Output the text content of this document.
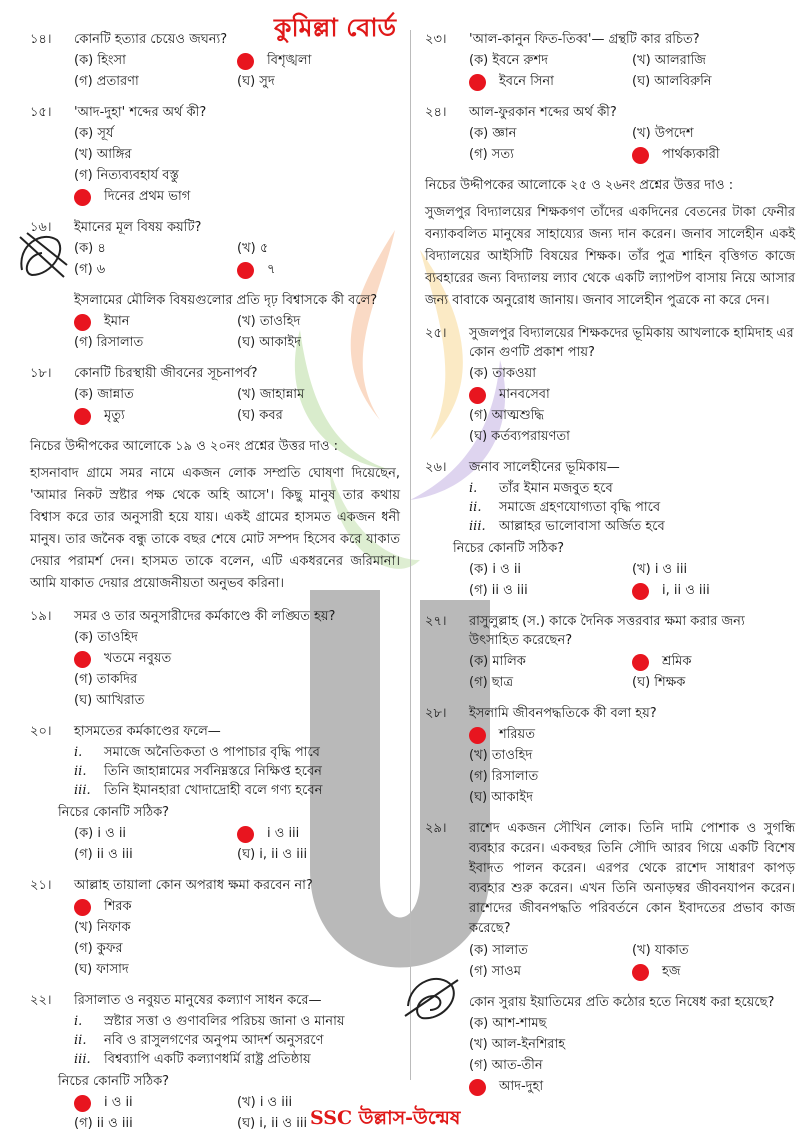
কুমিল্লা বোর্ড
১৪।	কোনটি হত্যার চেয়েও জঘন্য?
(ক) হিংসা	বিশৃঙ্খলা
(গ) প্রতারণা	(ঘ) সুদ
১৫।	'আদ-দুহা' শব্দের অর্থ কী?
(ক) সূর্য
(খ) আঙ্গির
(গ) নিত্যব্যবহার্য বস্তু
দিনের প্রথম ভাগ
১৬।	ইমানের মূল বিষয় কয়টি?
(ক) ৪	(খ) ৫
(গ) ৬	৭
ইসলামের মৌলিক বিষয়গুলোর প্রতি দৃঢ় বিশ্বাসকে কী বলে?
ইমান	(খ) তাওহিদ
(গ) রিসালাত	(ঘ) আকাইদ
১৮।	কোনটি চিরস্থায়ী জীবনের সূচনাপর্ব?
(ক) জান্নাত	(খ) জাহান্নাম
মৃত্যু	(ঘ) কবর
নিচের উদ্দীপকের আলোকে ১৯ ও ২০নং প্রশ্নের উত্তর দাও :
হাসনাবাদ গ্রামে সমর নামে একজন লোক সম্প্রতি ঘোষণা দিয়েছেন, 'আমার নিকট স্রষ্টার পক্ষ থেকে অহি আসে'। কিছু মানুষ তার কথায় বিশ্বাস করে তার অনুসারী হয়ে যায়। একই গ্রামের হাসমত একজন ধনী মানুষ। তার জনৈক বন্ধু তাকে বছর শেষে মোট সম্পদ হিসেব করে যাকাত দেয়ার পরামর্শ দেন। হাসমত তাকে বলেন, এটি একধরনের জরিমানা। আমি যাকাত দেয়ার প্রয়োজনীয়তা অনুভব করিনা।
১৯।	সমর ও তার অনুসারীদের কর্মকাণ্ডে কী লঙ্ঘিত হয়?
(ক) তাওহিদ
খতমে নবুয়ত
(গ) তাকদির
(ঘ) আখিরাত
২০।	হাসমতের কর্মকাণ্ডের ফলে—
i.	সমাজে অনৈতিকতা ও পাপাচার বৃদ্ধি পাবে
ii.	তিনি জাহান্নামের সর্বনিম্নস্তরে নিক্ষিপ্ত হবেন
iii.	তিনি ইমানহারা খোদাদ্রোহী বলে গণ্য হবেন
নিচের কোনটি সঠিক?
(ক) i ও ii	i ও iii
(গ) ii ও iii	(ঘ) i, ii ও iii
২১।	আল্লাহ তায়ালা কোন অপরাধ ক্ষমা করবেন না?
শিরক
(খ) নিফাক
(গ) কুফর
(ঘ) ফাসাদ
২২।	রিসালাত ও নবুয়ত মানুষের কল্যাণ সাধন করে—
i.	স্রষ্টার সত্তা ও গুণাবলির পরিচয় জানা ও মানায়
ii.	নবি ও রাসুলগণের অনুপম আদর্শ অনুসরণে
iii.	বিশ্বব্যাপি একটি কল্যাণধর্মি রাষ্ট্র প্রতিষ্ঠায়
নিচের কোনটি সঠিক?
i ও ii	(খ) i ও iii
(গ) ii ও iii	(ঘ) i, ii ও iii
২৩।	'আল-কানুন ফিত-তিব্ব'— গ্রন্থটি কার রচিত?
(ক) ইবনে রুশদ	(খ) আলরাজি
ইবনে সিনা	(ঘ) আলবিরুনি
২৪।	আল-ফুরকান শব্দের অর্থ কী?
(ক) জ্ঞান	(খ) উপদেশ
(গ) সত্য	পার্থক্যকারী
নিচের উদ্দীপকের আলোকে ২৫ ও ২৬নং প্রশ্নের উত্তর দাও :
সুজলপুর বিদ্যালয়ের শিক্ষকগণ তাঁদের একদিনের বেতনের টাকা ফেনীর বন্যাকবলিত মানুষের সাহায্যের জন্য দান করেন। জনাব সালেহীন একই বিদ্যালয়ের আইসিটি বিষয়ের শিক্ষক। তাঁর পুত্র শাহিন বৃত্তিগত কাজে ব্যবহারের জন্য বিদ্যালয় ল্যাব থেকে একটি ল্যাপটপ বাসায় নিয়ে আসার জন্য বাবাকে অনুরোধ জানায়। জনাব সালেহীন পুত্রকে না করে দেন।
২৫।	সুজলপুর বিদ্যালয়ের শিক্ষকদের ভূমিকায় আখলাকে হামিদাহ এর কোন গুণটি প্রকাশ পায়?
(ক) তাকওয়া
মানবসেবা
(গ) আত্মশুদ্ধি
(ঘ) কর্তব্যপরায়ণতা
২৬।	জনাব সালেহীনের ভূমিকায়—
i.	তাঁর ইমান মজবুত হবে
ii.	সমাজে গ্রহণযোগ্যতা বৃদ্ধি পাবে
iii.	আল্লাহর ভালোবাসা অর্জিত হবে
নিচের কোনটি সঠিক?
(ক) i ও ii	(খ) i ও iii
(গ) ii ও iii	i, ii ও iii
২৭।	রাসুলুল্লাহ (স.) কাকে দৈনিক সত্তরবার ক্ষমা করার জন্য উৎসাহিত করেছেন?
(ক) মালিক	শ্রমিক
(গ) ছাত্র	(ঘ) শিক্ষক
২৮।	ইসলামি জীবনপদ্ধতিকে কী বলা হয়?
শরিয়ত
(খ) তাওহিদ
(গ) রিসালাত
(ঘ) আকাইদ
২৯।	রাশেদ একজন সৌখিন লোক। তিনি দামি পোশাক ও সুগন্ধি ব্যবহার করেন। একবছর তিনি সৌদি আরব গিয়ে একটি বিশেষ ইবাদত পালন করেন। এরপর থেকে রাশেদ সাধারণ কাপড় ব্যবহার শুরু করেন। এখন তিনি অনাড়ম্বর জীবনযাপন করেন। রাশেদের জীবনপদ্ধতি পরিবর্তনে কোন ইবাদতের প্রভাব কাজ করেছে?
(ক) সালাত	(খ) যাকাত
(গ) সাওম	হজ
কোন সুরায় ইয়াতিমের প্রতি কঠোর হতে নিষেধ করা হয়েছে?
(ক) আশ-শামছ
(খ) আল-ইনশিরাহ
(গ) আত-তীন
আদ-দুহা
SSC উল্লাস-উন্মেষ
